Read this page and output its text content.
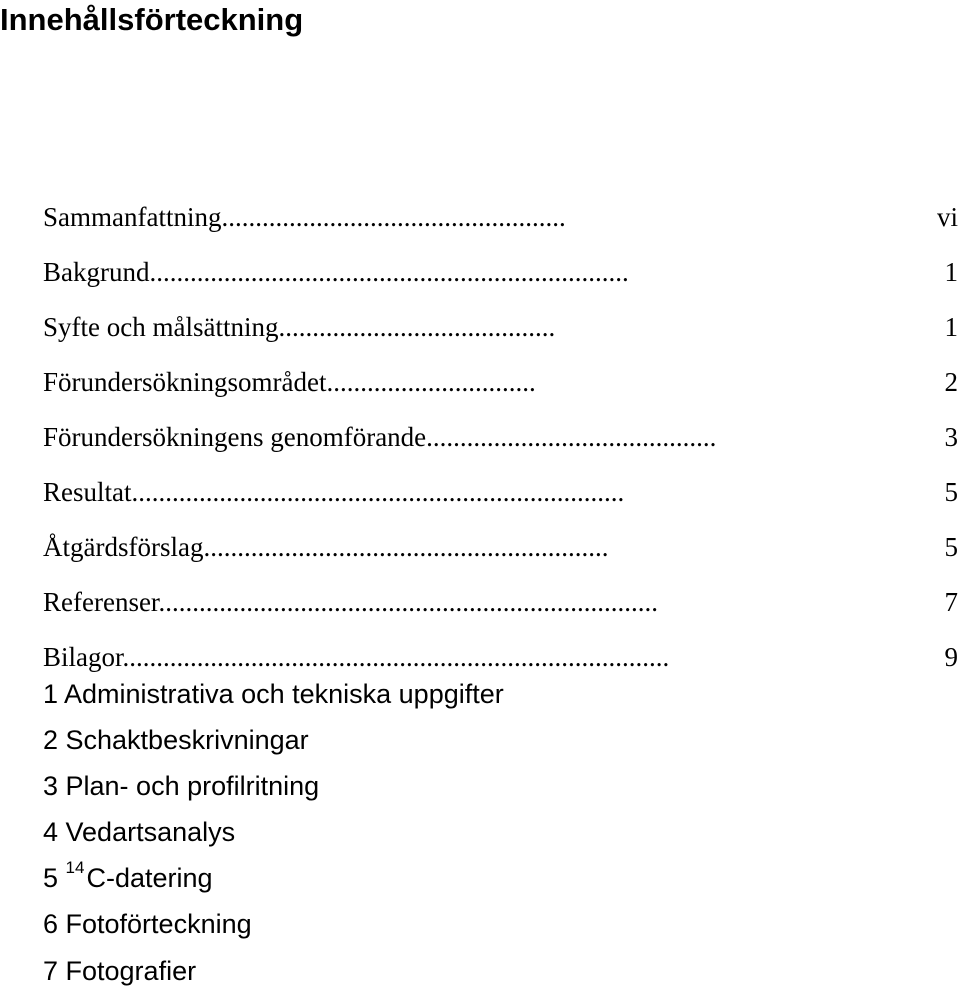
Innehållsförteckning
Sammanfattning...................................................	vi
Bakgrund.......................................................................	1
Syfte och målsättning.........................................	1
Förundersökningsområdet...............................	2
Förundersökningens genomförande...........................................	3
Resultat.........................................................................	5
Åtgärdsförslag............................................................	5
Referenser..........................................................................	7
Bilagor.................................................................................	9
1 Administrativa och tekniska uppgifter
2 Schaktbeskrivningar
3 Plan- och profilritning
4 Vedartsanalys
5 $^{14}$C-datering
6 Fotoförteckning
7 Fotografier
